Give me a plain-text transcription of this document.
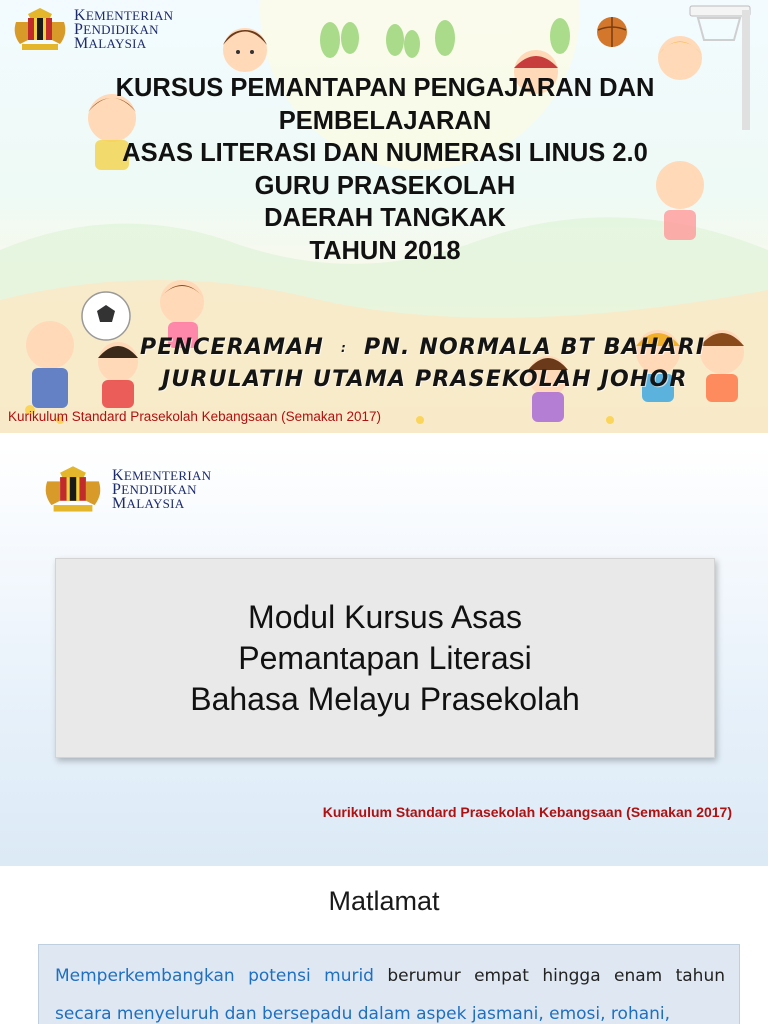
KEMENTERIAN
PENDIDIKAN
MALAYSIA
KURSUS PEMANTAPAN PENGAJARAN DAN
PEMBELAJARAN
ASAS LITERASI DAN NUMERASI LINUS 2.0
GURU PRASEKOLAH
DAERAH TANGKAK
TAHUN 2018
PENCERAMAH : PN. NORMALA BT BAHARI
JURULATIH UTAMA PRASEKOLAH JOHOR
Kurikulum Standard Prasekolah Kebangsaan (Semakan 2017)
KEMENTERIAN
PENDIDIKAN
MALAYSIA
Modul Kursus Asas
Pemantapan Literasi
Bahasa Melayu Prasekolah
Kurikulum Standard Prasekolah Kebangsaan (Semakan 2017)
Matlamat
Memperkembangkan potensi murid berumur empat hingga enam tahun secara menyeluruh dan bersepadu dalam aspek jasmani, emosi, rohani,
